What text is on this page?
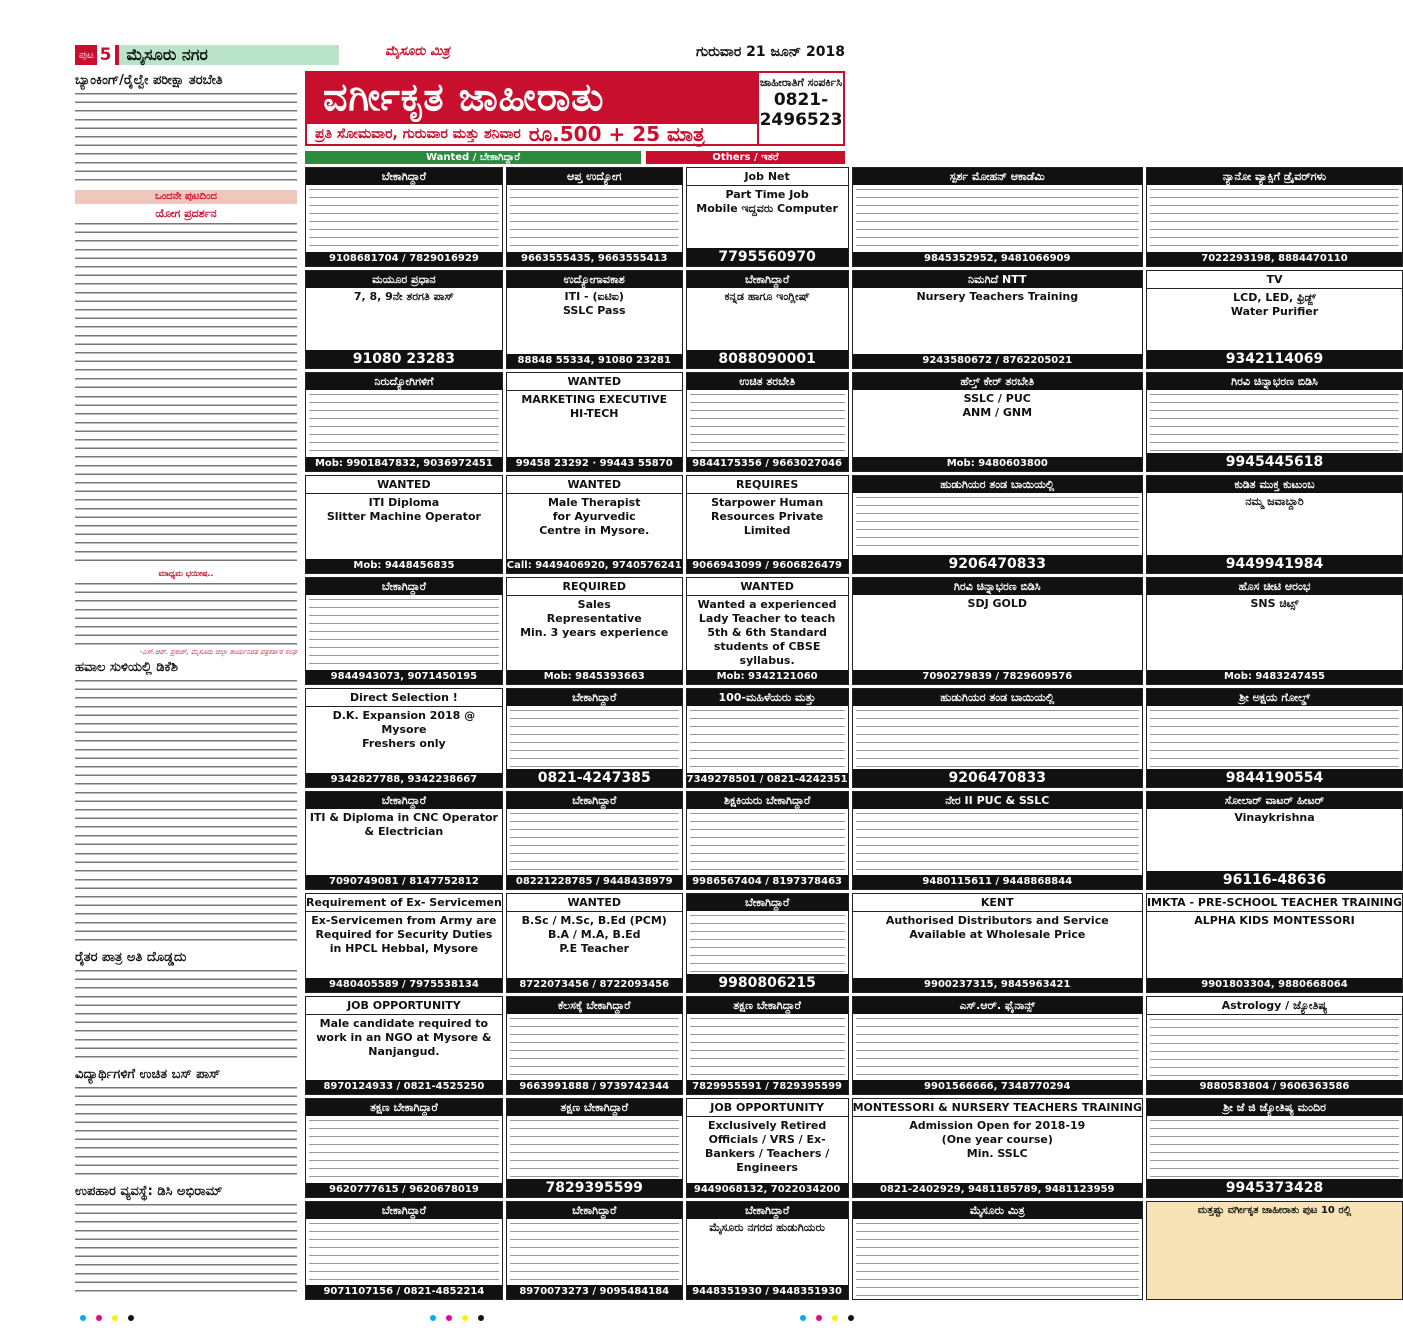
ಪುಟ 5 ಮೈಸೂರು ನಗರ	ಮೈಸೂರು ಮಿತ್ರ	ಗುರುವಾರ 21 ಜೂನ್ 2018
ಬ್ಯಾಂಕಿಂಗ್/ರೈಲ್ವೇ ಪರೀಕ್ಷಾ ತರಬೇತಿ
ಒಂದನೇ ಪುಟದಿಂದ
ಯೋಗ ಪ್ರದರ್ಶನ
ಮಾಧ್ಯಮ ಭಯೀಷ..
-ಎಸ್.ಆರ್. ಪ್ರಕಾಶ್, ಮೈಸೂರು ಜಿಲ್ಲಾ ಕಾರ್ಯನಿರತ ಪತ್ರಕರ್ತರ ಸಂಘ
ಹವಾಲ ಸುಳಿಯಲ್ಲಿ ಡಿಕೆಶಿ
ರೈತರ ಪಾತ್ರ ಅತಿ ದೊಡ್ಡದು
ವಿದ್ಯಾರ್ಥಿಗಳಿಗೆ ಉಚಿತ ಬಸ್ ಪಾಸ್
ಉಪಹಾರ ವ್ಯವಸ್ಥೆ: ಡಿಸಿ ಅಭಿರಾಮ್
ವರ್ಗೀಕೃತ ಜಾಹೀರಾತು
ಪ್ರತಿ ಸೋಮವಾರ, ಗುರುವಾರ ಮತ್ತು ಶನಿವಾರ ರೂ.500 + 25 ಮಾತ್ರ
ಜಾಹೀರಾತಿಗೆ ಸಂಪರ್ಕಿಸಿ
0821-
2496523
Wanted / ಬೇಕಾಗಿದ್ದಾರೆ	Others / ಇತರೆ
ಬೇಕಾಗಿದ್ದಾರೆ
9108681704 / 7829016929
ಆಪ್ತ ಉದ್ಯೋಗ
9663555435, 9663555413
Job Net
Part Time Job
Mobile ಇದ್ದವರು Computer
7795560970
ಸ್ಪರ್ಶ ಮೋಹನ್ ಆಕಾಡೆಮಿ
9845352952, 9481066909
ನ್ಯಾನೋ ವ್ಯಾಕ್ಸಿಗೆ ಡ್ರೈವರ್‌ಗಳು
7022293198, 8884470110
ಮಯೂರ ಪ್ರಧಾನ
7, 8, 9ನೇ ತರಗತಿ ಪಾಸ್
91080 23283
ಉದ್ಯೋಗಾವಕಾಶ
ITI - (ಐಟಿಐ)
SSLC Pass
88848 55334, 91080 23281
ಬೇಕಾಗಿದ್ದಾರೆ
ಕನ್ನಡ ಹಾಗೂ ಇಂಗ್ಲೀಷ್
8088090001
ನಿಮಗಿದೆ NTT
Nursery Teachers Training
9243580672 / 8762205021
TV
LCD, LED, ಫ್ರಿಡ್ಜ್
Water Purifier
9342114069
ನಿರುದ್ಯೋಗಿಗಳಿಗೆ
Mob: 9901847832, 9036972451
WANTED
MARKETING EXECUTIVE
HI-TECH
99458 23292 · 99443 55870
ಉಚಿತ ತರಬೇತಿ
9844175356 / 9663027046
ಹೆಲ್ತ್ ಕೇರ್ ತರಬೇತಿ
SSLC / PUC
ANM / GNM
Mob: 9480603800
ಗಿರವಿ ಚಿನ್ನಾಭರಣ ಬಿಡಿಸಿ
9945445618
WANTED
ITI Diploma
Slitter Machine Operator
Mob: 9448456835
WANTED
Male Therapist
for Ayurvedic
Centre in Mysore.
Call: 9449406920, 9740576241
REQUIRES
Starpower Human Resources Private Limited
9066943099 / 9606826479
ಹುಡುಗಿಯರ ತಂಡ ಬಾಯಿಯಲ್ಲಿ
9206470833
ಕುಡಿತ ಮುಕ್ತ ಕುಟುಂಬ
ನಮ್ಮ ಜವಾಬ್ದಾರಿ
9449941984
ಬೇಕಾಗಿದ್ದಾರೆ
9844943073, 9071450195
REQUIRED
Sales
Representative
Min. 3 years experience
Mob: 9845393663
WANTED
Wanted a experienced Lady Teacher to teach 5th & 6th Standard students of CBSE syllabus.
Mob: 9342121060
ಗಿರವಿ ಚಿನ್ನಾಭರಣ ಬಿಡಿಸಿ
SDJ GOLD
7090279839 / 7829609576
ಹೊಸ ಚೀಟಿ ಆರಂಭ
SNS ಚಿಟ್ಸ್
Mob: 9483247455
Direct Selection !
D.K. Expansion 2018 @ Mysore
Freshers only
9342827788, 9342238667
ಬೇಕಾಗಿದ್ದಾರೆ
0821-4247385
100-ಮಹಿಳೆಯರು ಮತ್ತು
7349278501 / 0821-4242351
ಹುಡುಗಿಯರ ತಂಡ ಬಾಯಿಯಲ್ಲಿ
9206470833
ಶ್ರೀ ಅಕ್ಷಯ ಗೋಲ್ಡ್
9844190554
ಬೇಕಾಗಿದ್ದಾರೆ
ITI & Diploma in CNC Operator & Electrician
7090749081 / 8147752812
ಬೇಕಾಗಿದ್ದಾರೆ
08221228785 / 9448438979
ಶಿಕ್ಷಕಿಯರು ಬೇಕಾಗಿದ್ದಾರೆ
9986567404 / 8197378463
ನೇರ II PUC & SSLC
9480115611 / 9448868844
ಸೋಲಾರ್ ವಾಟರ್ ಹೀಟರ್
Vinaykrishna
96116-48636
Requirement of Ex- Servicemen
Ex-Servicemen from Army are Required for Security Duties in HPCL Hebbal, Mysore
9480405589 / 7975538134
WANTED
B.Sc / M.Sc, B.Ed (PCM)
B.A / M.A, B.Ed
P.E Teacher
8722073456 / 8722093456
ಬೇಕಾಗಿದ್ದಾರೆ
9980806215
KENT
Authorised Distributors and Service
Available at Wholesale Price
9900237315, 9845963421
IMKTA - PRE-SCHOOL TEACHER TRAINING
ALPHA KIDS MONTESSORI
9901803304, 9880668064
JOB OPPORTUNITY
Male candidate required to work in an NGO at Mysore & Nanjangud.
8970124933 / 0821-4525250
ಕೆಲಸಕ್ಕೆ ಬೇಕಾಗಿದ್ದಾರೆ
9663991888 / 9739742344
ತಕ್ಷಣ ಬೇಕಾಗಿದ್ದಾರೆ
7829955591 / 7829395599
ಎಸ್.ಆರ್. ಫೈನಾನ್ಸ್
9901566666, 7348770294
Astrology / ಜ್ಯೋತಿಷ್ಯ
9880583804 / 9606363586
ತಕ್ಷಣ ಬೇಕಾಗಿದ್ದಾರೆ
9620777615 / 9620678019
ತಕ್ಷಣ ಬೇಕಾಗಿದ್ದಾರೆ
7829395599
JOB OPPORTUNITY
Exclusively Retired Officials / VRS / Ex-Bankers / Teachers / Engineers
9449068132, 7022034200
MONTESSORI & NURSERY TEACHERS TRAINING
Admission Open for 2018-19
(One year course)
Min. SSLC
0821-2402929, 9481185789, 9481123959
ಶ್ರೀ ಜೆ ಜಿ ಜ್ಯೋತಿಷ್ಯ ಮಂದಿರ
9945373428
ಬೇಕಾಗಿದ್ದಾರೆ
9071107156 / 0821-4852214
ಬೇಕಾಗಿದ್ದಾರೆ
8970073273 / 9095484184
ಬೇಕಾಗಿದ್ದಾರೆ
ಮೈಸೂರು ನಗರದ ಹುಡುಗಿಯರು
9448351930 / 9448351930
ಮೈಸೂರು ಮಿತ್ರ	ಮತ್ತಷ್ಟು ವರ್ಗೀಕೃತ ಜಾಹೀರಾತು ಪುಟ 10 ರಲ್ಲಿ
